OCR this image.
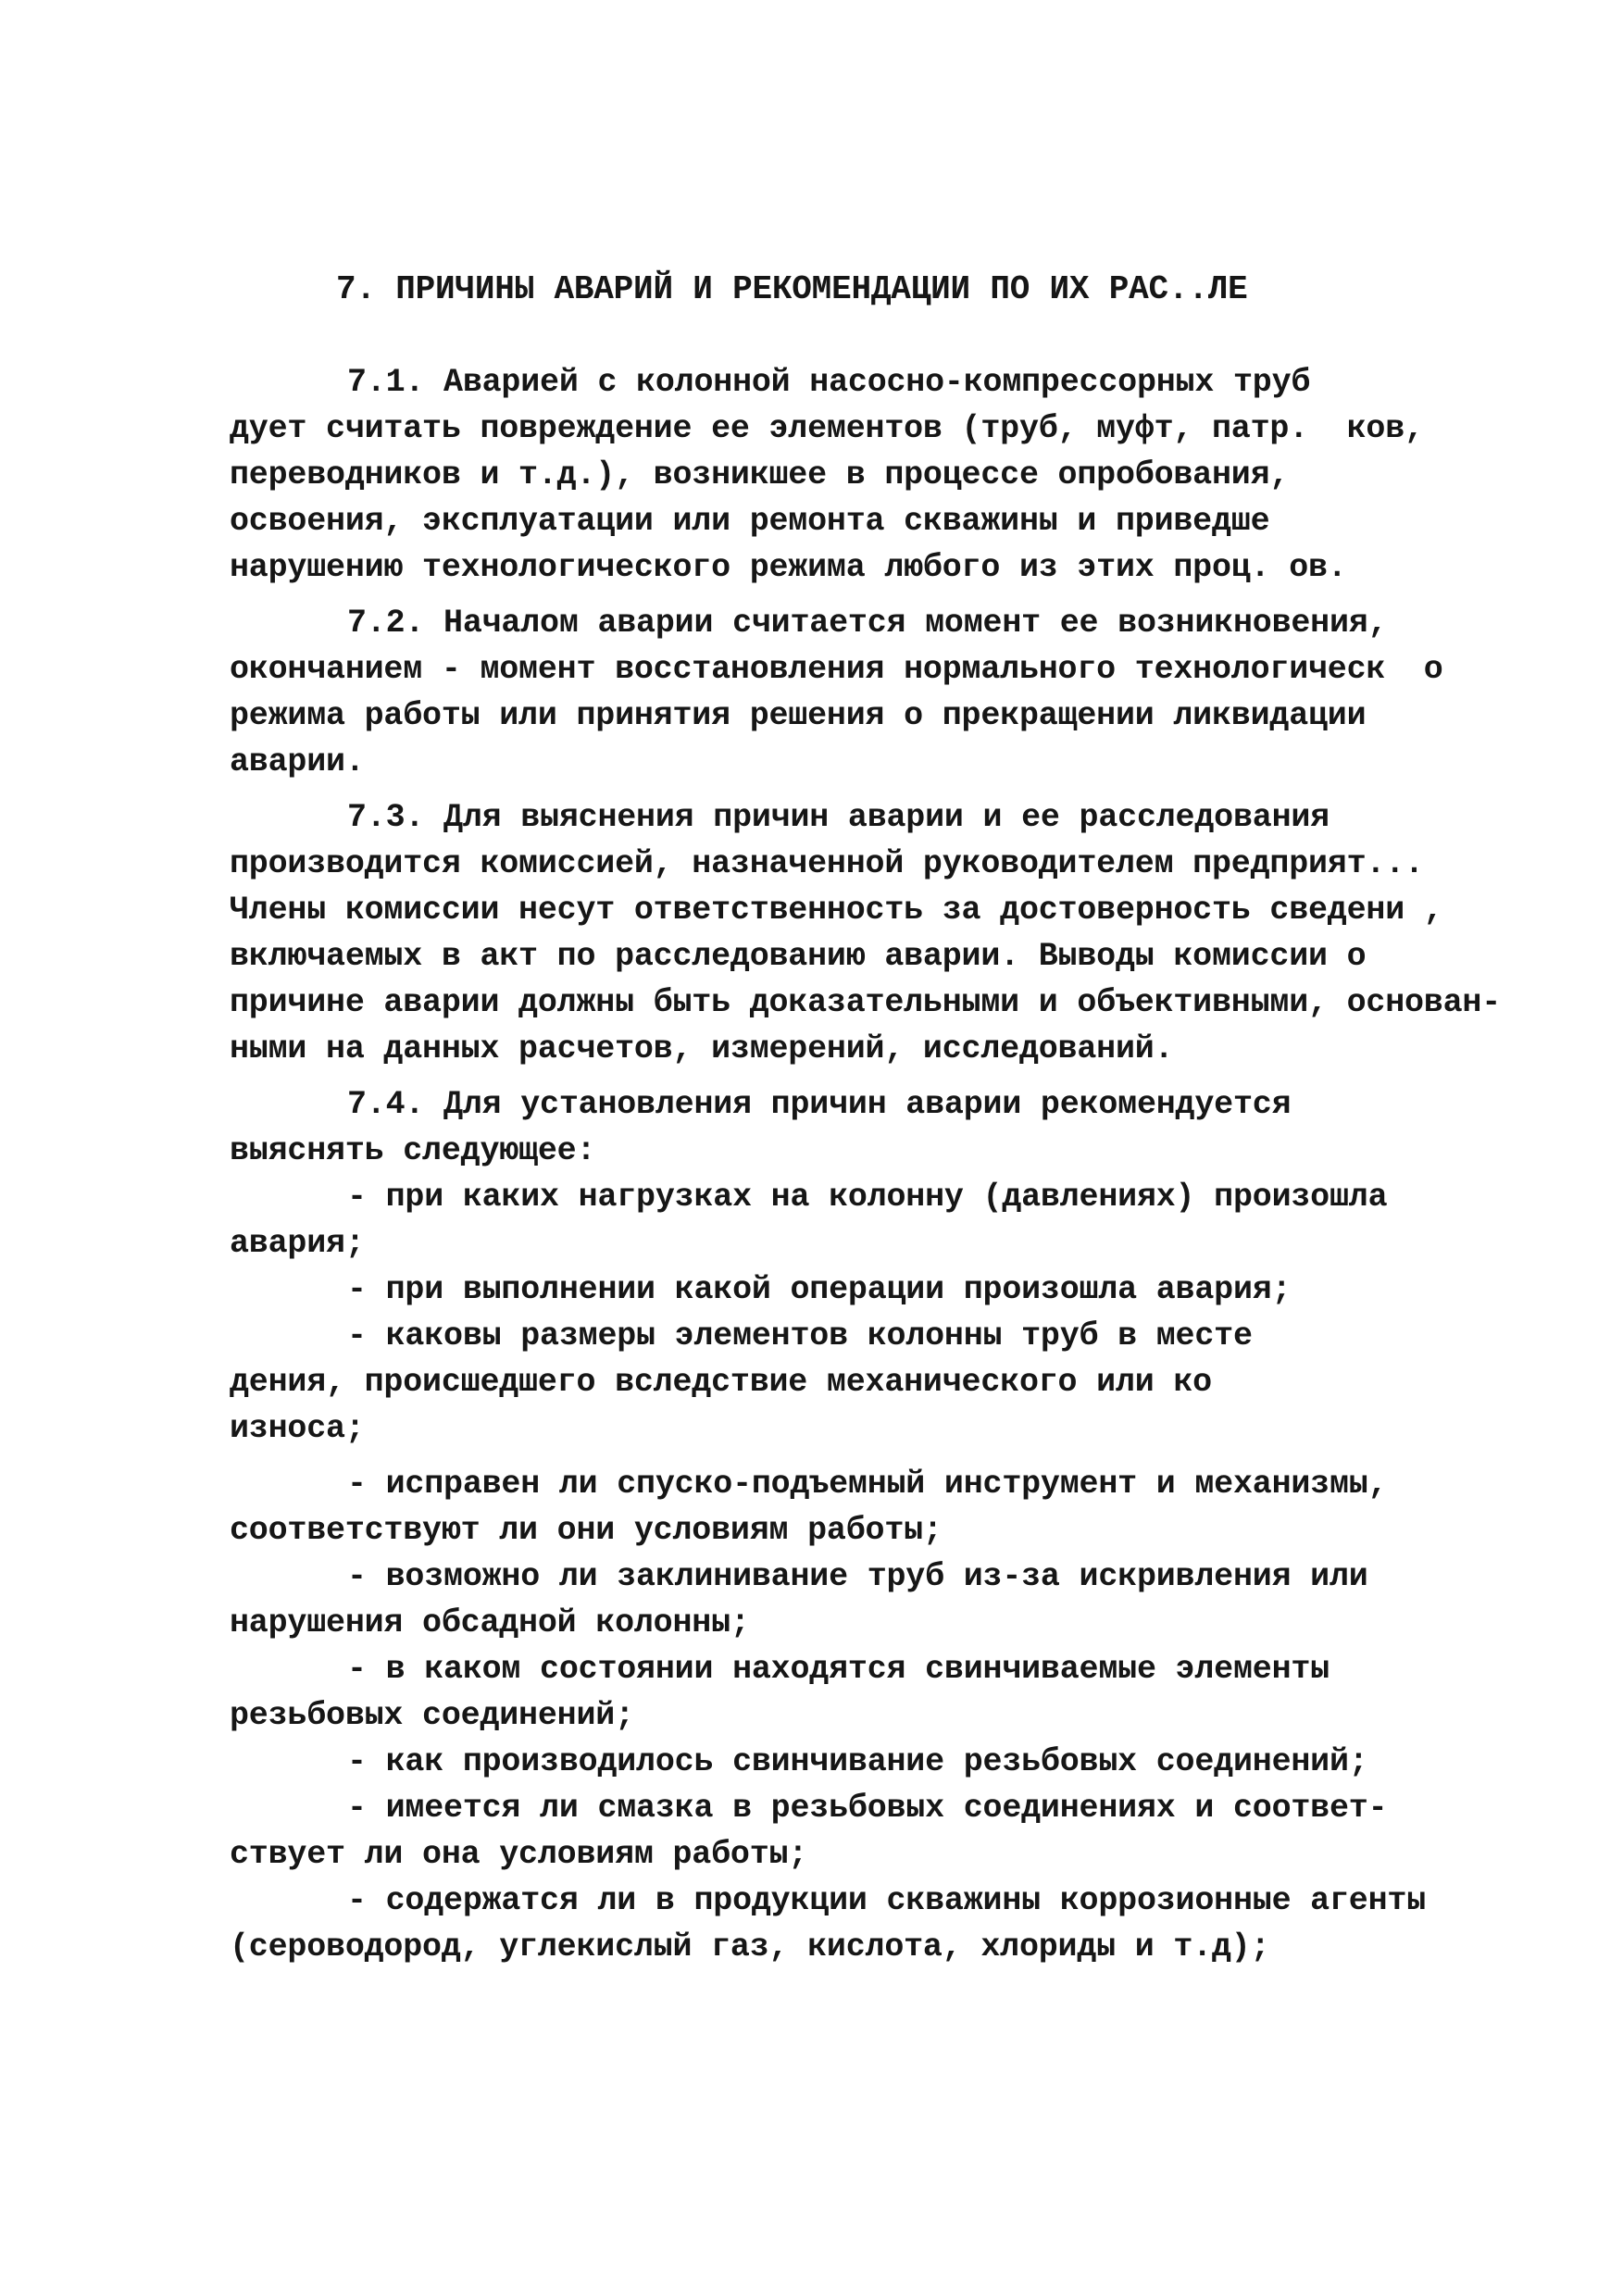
7. ПРИЧИНЫ АВАРИЙ И РЕКОМЕНДАЦИИ ПО ИХ РАС..ЛЕ
7.1. Аварией с колонной насосно-компрессорных труб
дует считать повреждение ее элементов (труб, муфт, патр.  ков,
переводников и т.д.), возникшее в процессе опробования,
освоения, эксплуатации или ремонта скважины и приведше
нарушению технологического режима любого из этих проц. ов.
7.2. Началом аварии считается момент ее возникновения,
окончанием - момент восстановления нормального технологическ  о
режима работы или принятия решения о прекращении ликвидации
аварии.
7.3. Для выяснения причин аварии и ее расследования
производится комиссией, назначенной руководителем предприят...
Члены комиссии несут ответственность за достоверность сведени ,
включаемых в акт по расследованию аварии. Выводы комиссии о
причине аварии должны быть доказательными и объективными, основан-
ными на данных расчетов, измерений, исследований.
7.4. Для установления причин аварии рекомендуется
выяснять следующее:
- при каких нагрузках на колонну (давлениях) произошла
авария;
- при выполнении какой операции произошла авария;
- каковы размеры элементов колонны труб в месте
дения, происшедшего вследствие механического или ко
износа;
- исправен ли спуско-подъемный инструмент и механизмы,
соответствуют ли они условиям работы;
- возможно ли заклинивание труб из-за искривления или
нарушения обсадной колонны;
- в каком состоянии находятся свинчиваемые элементы
резьбовых соединений;
- как производилось свинчивание резьбовых соединений;
- имеется ли смазка в резьбовых соединениях и соответ-
ствует ли она условиям работы;
- содержатся ли в продукции скважины коррозионные агенты
(сероводород, углекислый газ, кислота, хлориды и т.д);
